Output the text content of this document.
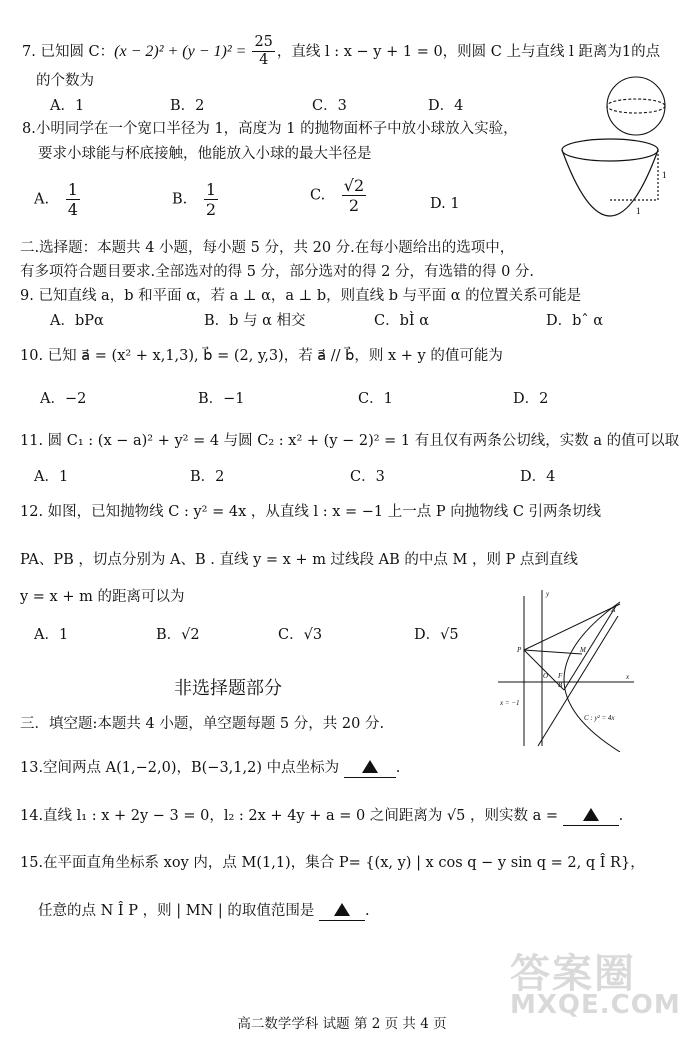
7. 已知圆 C：$(x - 2)^2 + (y - 1)^2 = \frac{25}{4}$ ，直线 l : x − y + 1 = 0，则圆 C 上与直线 l 距离为1的点
的个数为
A．1	B．2	C．3	D．4
8.小明同学在一个宽口半径为 1，高度为 1 的抛物面杯子中放小球放入实验，
要求小球能与杯底接触，他能放入小球的最大半径是
A. $\frac{1}{4}$	B. $\frac{1}{2}$	C. $\frac{√2}{2}$	D. 1
1
1
二.选择题：本题共 4 小题，每小题 5 分，共 20 分.在每小题给出的选项中，
有多项符合题目要求.全部选对的得 5 分，部分选对的得 2 分，有选错的得 0 分.
9. 已知直线 a，b 和平面 α，若 a ⊥ α，a ⊥ b，则直线 b 与平面 α 的位置关系可能是
A．bPα	B．b 与 α 相交	C．bÌ α	D．bˆ α
10. 已知 a⃗ = (x² + x,1,3), b⃗ = (2, y,3)，若 a⃗ // b⃗，则 x + y 的值可能为
A．−2	B．−1	C．1	D．2
11. 圆 C₁ : (x − a)² + y² = 4 与圆 C₂ : x² + (y − 2)² = 1 有且仅有两条公切线，实数 a 的值可以取
A．1	B．2	C．3	D．4
12. 如图，已知抛物线 C : y² = 4x ，从直线 l : x = −1 上一点 P 向抛物线 C 引两条切线
PA、PB ，切点分别为 A、B . 直线 y = x + m 过线段 AB 的中点 M ，则 P 点到直线
y = x + m 的距离可以为
A．1	B．√2	C．√3	D．√5
y
x
P
A
M
B
O F
x = −1
C : y² = 4x
非选择题部分
三．填空题:本题共 4 小题，单空题每题 5 分，共 20 分.
13.空间两点 A(1,−2,0)，B(−3,1,2) 中点坐标为	.
14.直线 l₁ : x + 2y − 3 = 0，l₂ : 2x + 4y + a = 0 之间距离为 √5 ，则实数 a =	.
15.在平面直角坐标系 xoy 内，点 M(1,1)，集合 P= {(x, y) | x cos q − y sin q = 2, q Î R}，
任意的点 N Î P ，则 | MN | 的取值范围是	.
答案圈
MXQE.COM
高二数学学科 试题 第 2 页 共 4 页
